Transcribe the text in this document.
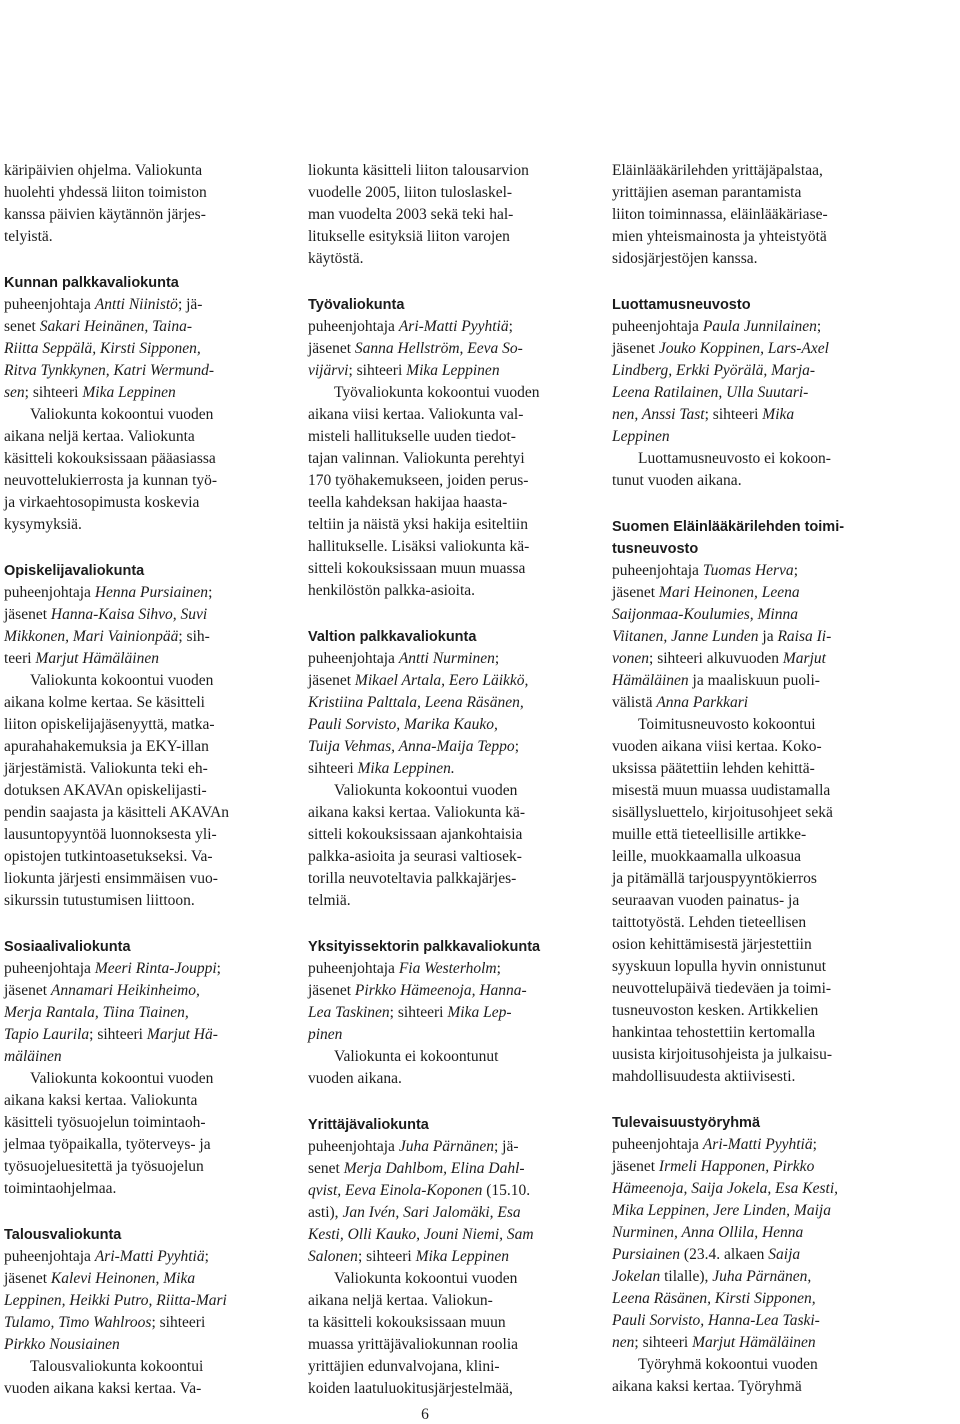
käripäivien ohjelma. Valiokunta
huolehti yhdessä liiton toimiston
kanssa päivien käytännön järjes-
telyistä.

Kunnan palkkavaliokunta

puheenjohtaja Antti Niinistö; jä-
senet Sakari Heinänen, Taina-
Riitta Seppälä, Kirsti Sipponen,
Ritva Tynkkynen, Katri Wermund-
sen; sihteeri Mika Leppinen

Valiokunta kokoontui vuoden
aikana neljä kertaa. Valiokunta
käsitteli kokouksissaan pääasiassa
neuvottelukierrosta ja kunnan työ-
ja virkaehtosopimusta koskevia
kysymyksiä.

Opiskelijavaliokunta

puheenjohtaja Henna Pursiainen;
jäsenet Hanna-Kaisa Sihvo, Suvi
Mikkonen, Mari Vainionpää; sih-
teeri Marjut Hämäläinen

Valiokunta kokoontui vuoden
aikana kolme kertaa. Se käsitteli
liiton opiskelijajäsenyyttä, matka-
apurahahakemuksia ja EKY-illan
järjestämistä. Valiokunta teki eh-
dotuksen AKAVAn opiskelijasti-
pendin saajasta ja käsitteli AKAVAn
lausuntopyyntöä luonnoksesta yli-
opistojen tutkintoasetukseksi. Va-
liokunta järjesti ensimmäisen vuo-
sikurssin tutustumisen liittoon.

Sosiaalivaliokunta

puheenjohtaja Meeri Rinta-Jouppi;
jäsenet Annamari Heikinheimo,
Merja Rantala, Tiina Tiainen,
Tapio Laurila; sihteeri Marjut Hä-
mäläinen

Valiokunta kokoontui vuoden
aikana kaksi kertaa. Valiokunta
käsitteli työsuojelun toimintaoh-
jelmaa työpaikalla, työterveys- ja
työsuojeluesitettä ja työsuojelun
toimintaohjelmaa.

Talousvaliokunta

puheenjohtaja Ari-Matti Pyyhtiä;
jäsenet Kalevi Heinonen, Mika
Leppinen, Heikki Putro, Riitta-Mari
Tulamo, Timo Wahlroos; sihteeri
Pirkko Nousiainen

Talousvaliokunta kokoontui
vuoden aikana kaksi kertaa. Va-

liokunta käsitteli liiton talousarvion
vuodelle 2005, liiton tuloslaskel-
man vuodelta 2003 sekä teki hal-
litukselle esityksiä liiton varojen
käytöstä.

Työvaliokunta

puheenjohtaja Ari-Matti Pyyhtiä;
jäsenet Sanna Hellström, Eeva So-
vijärvi; sihteeri Mika Leppinen

Työvaliokunta kokoontui vuoden
aikana viisi kertaa. Valiokunta val-
misteli hallitukselle uuden tiedot-
tajan valinnan. Valiokunta perehtyi
170 työhakemukseen, joiden perus-
teella kahdeksan hakijaa haasta-
teltiin ja näistä yksi hakija esiteltiin
hallitukselle. Lisäksi valiokunta kä-
sitteli kokouksissaan muun muassa
henkilöstön palkka-asioita.

Valtion palkkavaliokunta

puheenjohtaja Antti Nurminen;
jäsenet Mikael Artala, Eero Läikkö,
Kristiina Palttala, Leena Räsänen,
Pauli Sorvisto, Marika Kauko,
Tuija Vehmas, Anna-Maija Teppo;
sihteeri Mika Leppinen.

Valiokunta kokoontui vuoden
aikana kaksi kertaa. Valiokunta kä-
sitteli kokouksissaan ajankohtaisia
palkka-asioita ja seurasi valtiosek-
torilla neuvoteltavia palkkajärjes-
telmiä.

Yksityissektorin palkkavaliokunta

puheenjohtaja Fia Westerholm;
jäsenet Pirkko Hämeenoja, Hanna-
Lea Taskinen; sihteeri Mika Lep-
pinen

Valiokunta ei kokoontunut
vuoden aikana.

Yrittäjävaliokunta

puheenjohtaja Juha Pärnänen; jä-
senet Merja Dahlbom, Elina Dahl-
qvist, Eeva Einola-Koponen (15.10.
asti), Jan Ivén, Sari Jalomäki, Esa
Kesti, Olli Kauko, Jouni Niemi, Sam
Salonen; sihteeri Mika Leppinen

Valiokunta kokoontui vuoden
aikana neljä kertaa. Valiokun-
ta käsitteli kokouksissaan muun
muassa yrittäjävaliokunnan roolia
yrittäjien edunvalvojana, klini-
koiden laatuluokitusjärjestelmää,

Eläinlääkärilehden yrittäjäpalstaa,
yrittäjien aseman parantamista
liiton toiminnassa, eläinlääkäriase-
mien yhteismainosta ja yhteistyötä
sidosjärjestöjen kanssa.

Luottamusneuvosto

puheenjohtaja Paula Junnilainen;
jäsenet Jouko Koppinen, Lars-Axel
Lindberg, Erkki Pyörälä, Marja-
Leena Ratilainen, Ulla Suutari-
nen, Anssi Tast; sihteeri Mika
Leppinen

Luottamusneuvosto ei kokoon-
tunut vuoden aikana.

Suomen Eläinlääkärilehden toimi-
tusneuvosto

puheenjohtaja Tuomas Herva;
jäsenet Mari Heinonen, Leena
Saijonmaa-Koulumies, Minna
Viitanen, Janne Lunden ja Raisa Ii-
vonen; sihteeri alkuvuoden Marjut
Hämäläinen ja maaliskuun puoli-
välistä Anna Parkkari

Toimitusneuvosto kokoontui
vuoden aikana viisi kertaa. Koko-
uksissa päätettiin lehden kehittä-
misestä muun muassa uudistamalla
sisällysluettelo, kirjoitusohjeet sekä
muille että tieteellisille artikke-
leille, muokkaamalla ulkoasua
ja pitämällä tarjouspyyntökierros
seuraavan vuoden painatus- ja
taittotyöstä. Lehden tieteellisen
osion kehittämisestä järjestettiin
syyskuun lopulla hyvin onnistunut
neuvottelupäivä tiedeväen ja toimi-
tusneuvoston kesken. Artikkelien
hankintaa tehostettiin kertomalla
uusista kirjoitusohjeista ja julkaisu-
mahdollisuudesta aktiivisesti.

Tulevaisuustyöryhmä

puheenjohtaja Ari-Matti Pyyhtiä;
jäsenet Irmeli Happonen, Pirkko
Hämeenoja, Saija Jokela, Esa Kesti,
Mika Leppinen, Jere Linden, Maija
Nurminen, Anna Ollila, Henna
Pursiainen (23.4. alkaen Saija
Jokelan tilalle), Juha Pärnänen,
Leena Räsänen, Kirsti Sipponen,
Pauli Sorvisto, Hanna-Lea Taski-
nen; sihteeri Marjut Hämäläinen

Työryhmä kokoontui vuoden
aikana kaksi kertaa. Työryhmä

6
